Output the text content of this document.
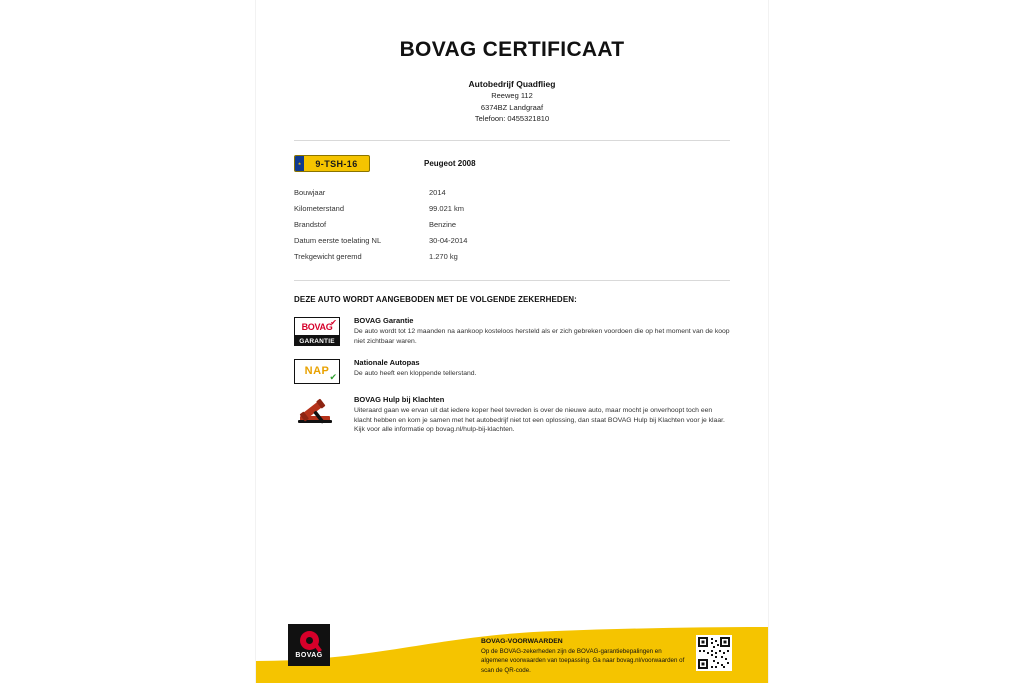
BOVAG CERTIFICAAT
Autobedrijf Quadflieg
Reeweg 112
6374BZ Landgraaf
Telefoon: 0455321810
★	9-TSH-16	Peugeot 2008
Bouwjaar	2014
Kilometerstand	99.021 km
Brandstof	Benzine
Datum eerste toelating NL	30-04-2014
Trekgewicht geremd	1.270 kg
DEZE AUTO WORDT AANGEBODEN MET DE VOLGENDE ZEKERHEDEN:
BOVAG
✔
GARANTIE
BOVAG Garantie
De auto wordt tot 12 maanden na aankoop kosteloos hersteld als er zich gebreken voordoen die op het moment van de koop niet zichtbaar waren.
NAP ✔
Nationale Autopas
De auto heeft een kloppende tellerstand.
BOVAG Hulp bij Klachten
Uiteraard gaan we ervan uit dat iedere koper heel tevreden is over de nieuwe auto, maar mocht je onverhoopt toch een klacht hebben en kom je samen met het autobedrijf niet tot een oplossing, dan staat BOVAG Hulp bij Klachten voor je klaar. Kijk voor alle informatie op bovag.nl/hulp-bij-klachten.
BOVAG
BOVAG-VOORWAARDEN
Op de BOVAG-zekerheden zijn de BOVAG-garantiebepalingen en algemene voorwaarden van toepassing. Ga naar bovag.nl/voorwaarden of scan de QR-code.
